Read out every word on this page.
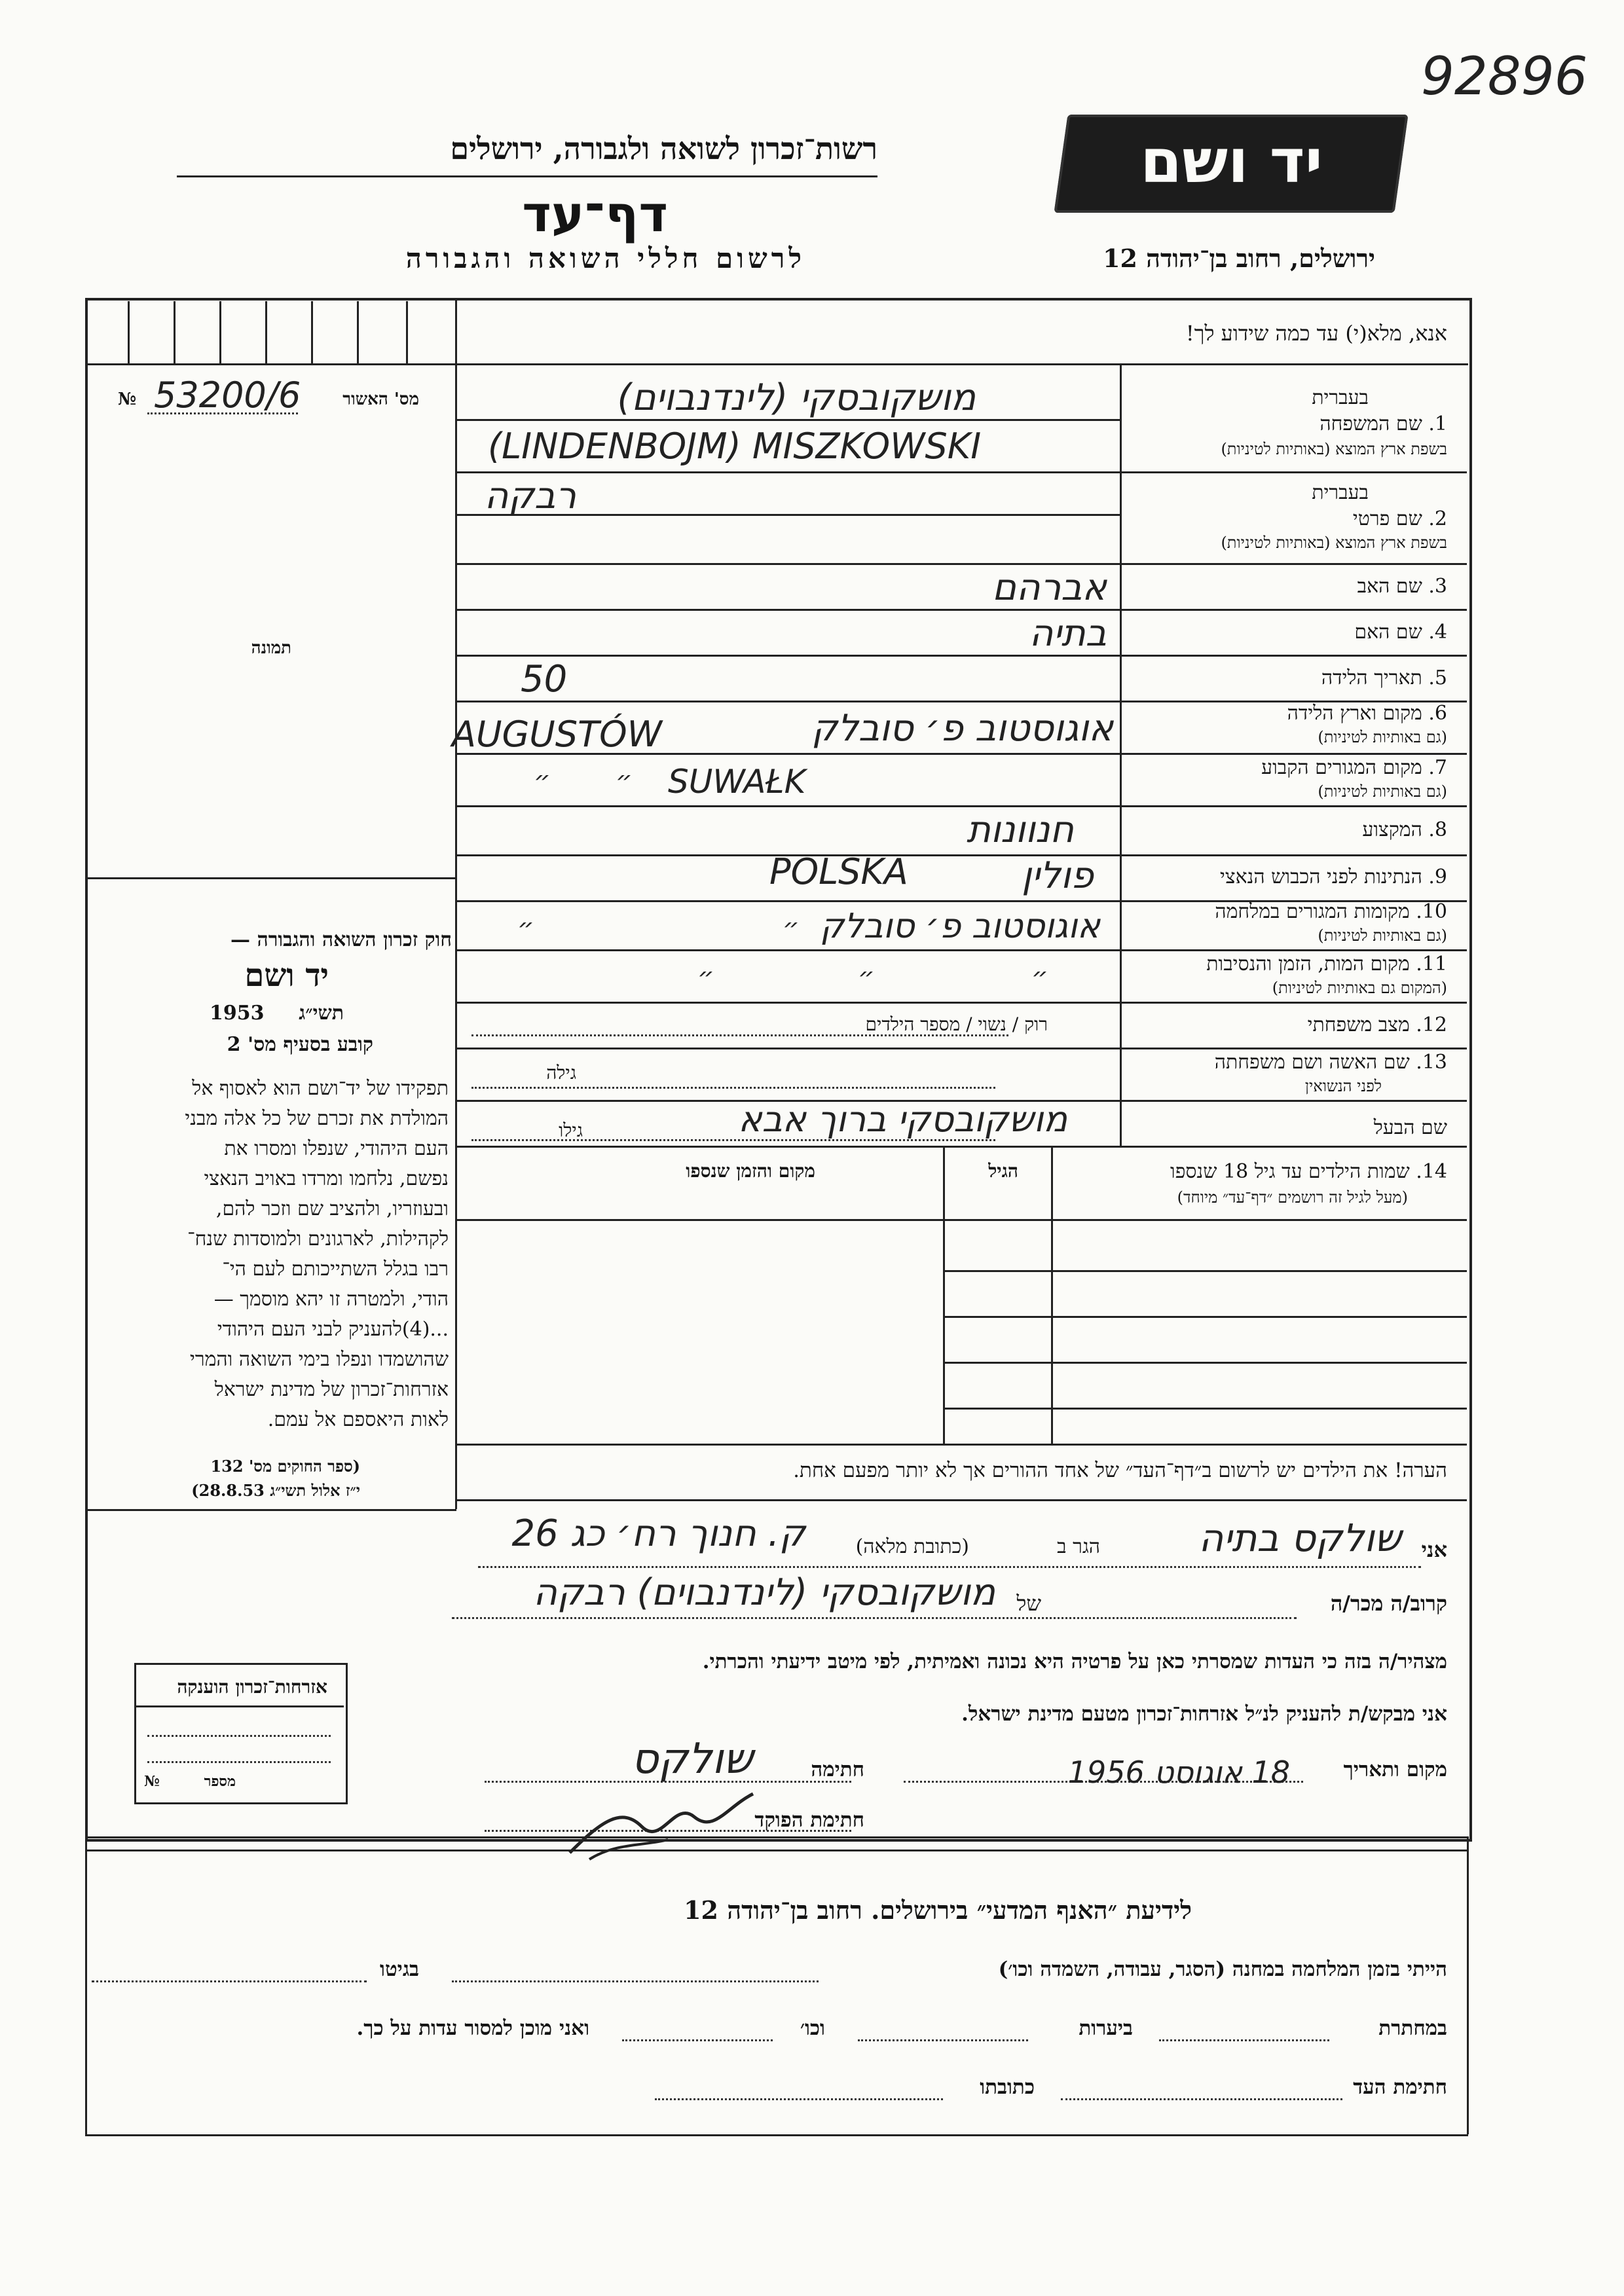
92896
רשות־זכרון לשואה ולגבורה, ירושלים
דף־עד
לרשום חללי השואה והגבורה
יד ושם
ירושלים, רחוב בן־יהודה 12
אנא, מלא(י) עד כמה שידוע לך!
מס' האשור
№ 53200/6
תמונה
חוק זכרון השואה והגבורה —
יד ושם
תשי״ג
1953
קובע בסעיף מס' 2
תפקידו של יד־ושם הוא לאסוף אל
המולדת את זכרם של כל אלה מבני
העם היהודי, שנפלו ומסרו את
נפשם, נלחמו ומרדו באויב הנאצי
ובעוזריו, ולהציב שם וזכר להם,
לקהילות, לארגונים ולמוסדות שנח־
רבו בגלל השתייכותם לעם הי־
הודי, ולמטרה זו יהא מוסמך —
...(4)להעניק לבני העם היהודי
שהושמדו ונפלו בימי השואה והמרי
אזרחות־זכרון של מדינת ישראל
לאות היאספם אל עמם.
(ספר החוקים מס' 132
י״ז אלול תשי״ג 28.8.53)
אזרחות־זכרון הוענקה
מספר
№
בעברית
1. שם המשפחה
בשפת ארץ המוצא (באותיות לטיניות)
מושקובסקי (לינדנבוים)
(LINDENBOJM) MISZKOWSKI
בעברית
2. שם פרטי
בשפת ארץ המוצא (באותיות לטיניות)
רבקה
3. שם האב
אברהם
4. שם האם
בתיה
5. תאריך הלידה
50
6. מקום וארץ הלידה
(גם באותיות לטיניות)
אוגוסטוב פ׳ סובלק
AUGUSTÓW
7. מקום המגורים הקבוע
(גם באותיות לטיניות)
״ ״ SUWAŁK
8. המקצוע
חנוונות
9. הנתינות לפני הכבוש הנאצי
פולין
POLSKA
10. מקומות המגורים במלחמה
(גם באותיות לטיניות)
אוגוסטוב פ׳ סובלק
״	״
11. מקום המות, הזמן והנסיבות
(המקום גם באותיות לטיניות)
״	״	״
12. מצב משפחתי
רוק / נשוי / מספר הילדים
13. שם האשה ושם משפחתה
לפני הנשואין
גילה
שם הבעל
גילו	מושקובסקי ברוך אבא
14. שמות הילדים עד גיל 18 שנספו
(מעל לגיל זה רושמים ״דף־עד״ מיוחד)
הגיל
מקום והזמן שנספו
הערה! את הילדים יש לרשום ב״דף־העד״ של אחד ההורים אך לא יותר מפעם אחת.
אני
שולקס בתיה
(כתובת מלאה)	הגר ב
ק. חנוך רח׳ כג 26
קרוב/ה מכר/ה
של
מושקובסקי (לינדנבוים) רבקה
מצהיר/ה בזה כי העדות שמסרתי כאן על פרטיה היא נכונה ואמיתית, לפי מיטב ידיעתי והכרתי.
אני מבקש/ת להעניק לנ״ל אזרחות־זכרון מטעם מדינת ישראל.
מקום ותאריך
18 אוגוסט 1956
חתימה
שולקס
חתימת הפוקד
לידיעת ״האנף המדעי״ בירושלים. רחוב בן־יהודה 12
הייתי בזמן המלחמה במחנה (הסגר, עבודה, השמדה וכו׳)
בגיטו
במחתרת
ביערות
וכו׳
ואני מוכן למסור עדות על כך.
חתימת העד
כתובתו
